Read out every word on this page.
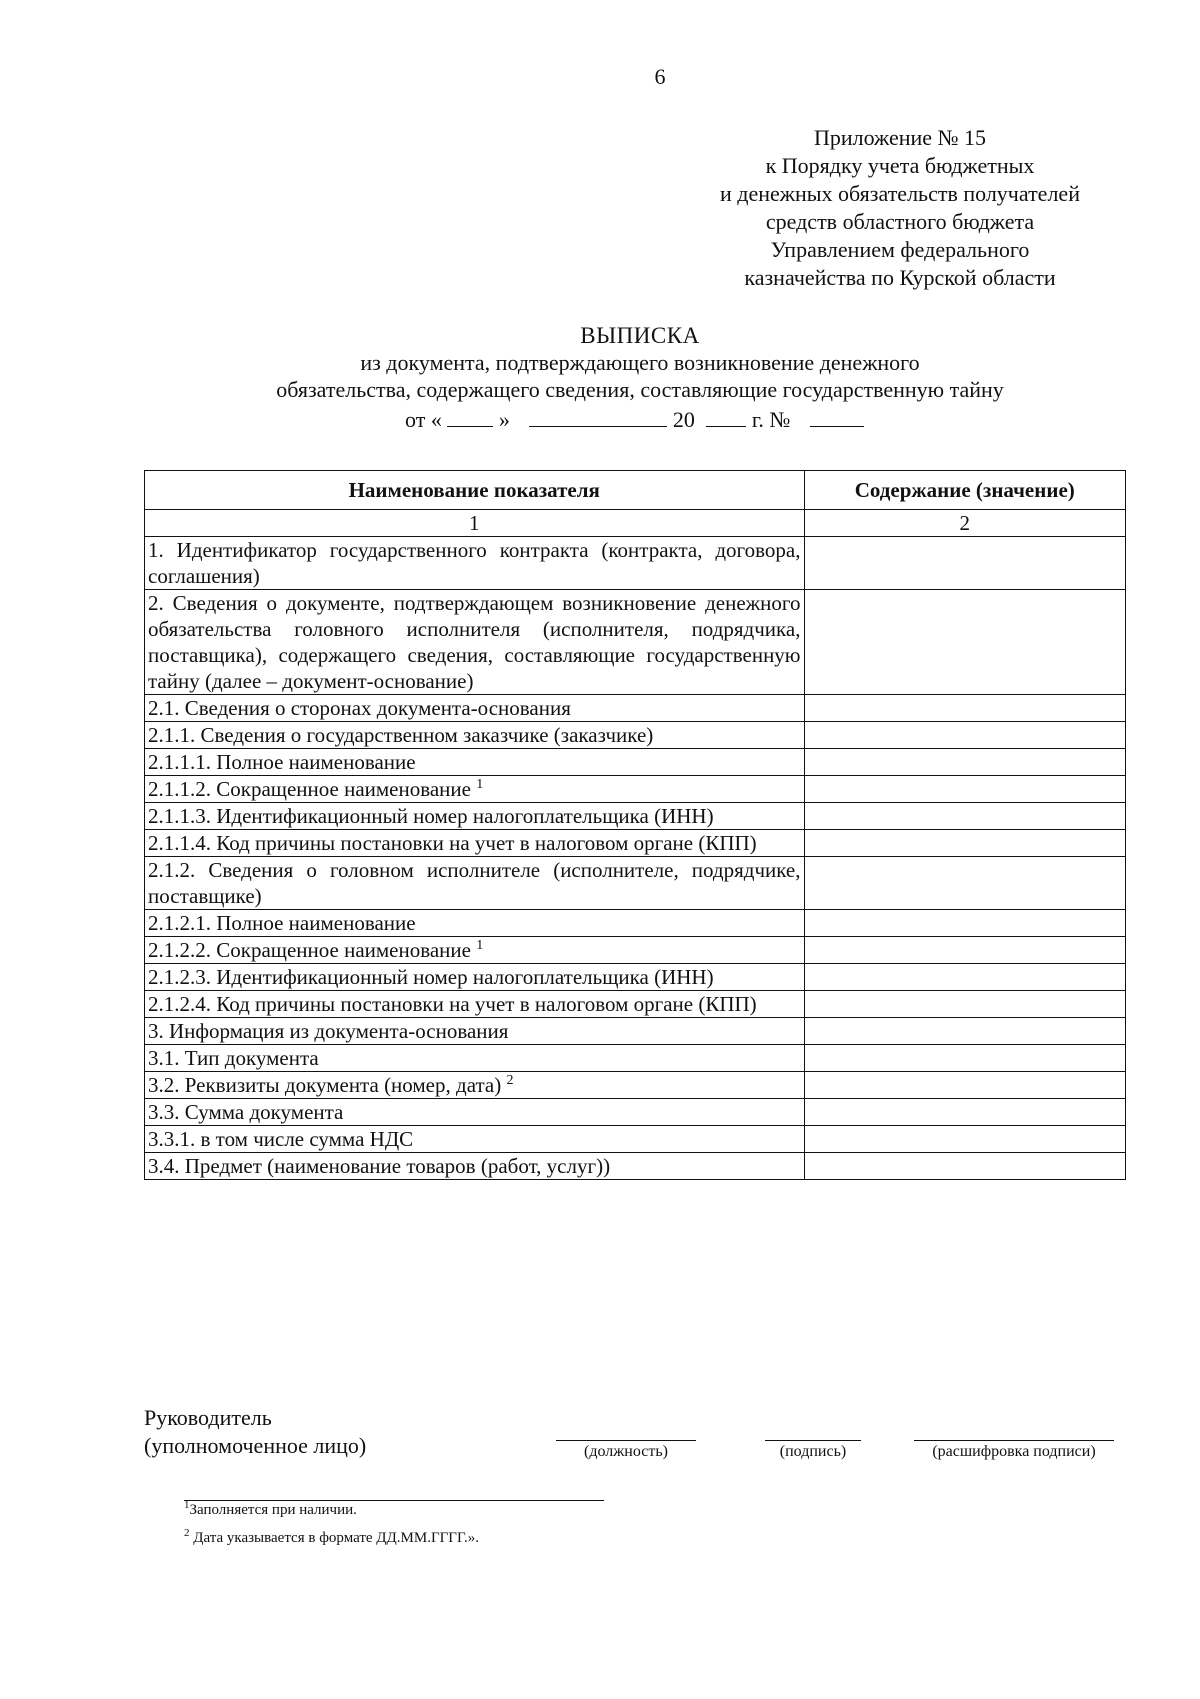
6
Приложение № 15
к Порядку учета бюджетных
и денежных обязательств получателей
средств областного бюджета
Управлением федерального
казначейства по Курской области
ВЫПИСКА
из документа, подтверждающего возникновение денежного
обязательства, содержащего сведения, составляющие государственную тайну
от «	»	20	г. №
Наименование показателя	Содержание (значение)
1	2
1. Идентификатор государственного контракта (контракта, договора, соглашения)	
2. Сведения о документе, подтверждающем возникновение денежного обязательства головного исполнителя (исполнителя, подрядчика, поставщика), содержащего сведения, составляющие государственную тайну (далее – документ-основание)	
2.1. Сведения о сторонах документа-основания	
2.1.1. Сведения о государственном заказчике (заказчике)	
2.1.1.1. Полное наименование	
2.1.1.2. Сокращенное наименование $^1$	
2.1.1.3. Идентификационный номер налогоплательщика (ИНН)	
2.1.1.4. Код причины постановки на учет в налоговом органе (КПП)	
2.1.2. Сведения о головном исполнителе (исполнителе, подрядчике, поставщике)	
2.1.2.1. Полное наименование	
2.1.2.2. Сокращенное наименование $^1$	
2.1.2.3. Идентификационный номер налогоплательщика (ИНН)	
2.1.2.4. Код причины постановки на учет в налоговом органе (КПП)	
3. Информация из документа-основания	
3.1. Тип документа	
3.2. Реквизиты документа (номер, дата) $^2$	
3.3. Сумма документа	
3.3.1. в том числе сумма НДС	
3.4. Предмет (наименование товаров (работ, услуг))	
Руководитель
(уполномоченное лицо)	(должность)	(подпись)	(расшифровка подписи)
$^1$Заполняется при наличии.
$^2$ Дата указывается в формате ДД.ММ.ГГГГ.».
